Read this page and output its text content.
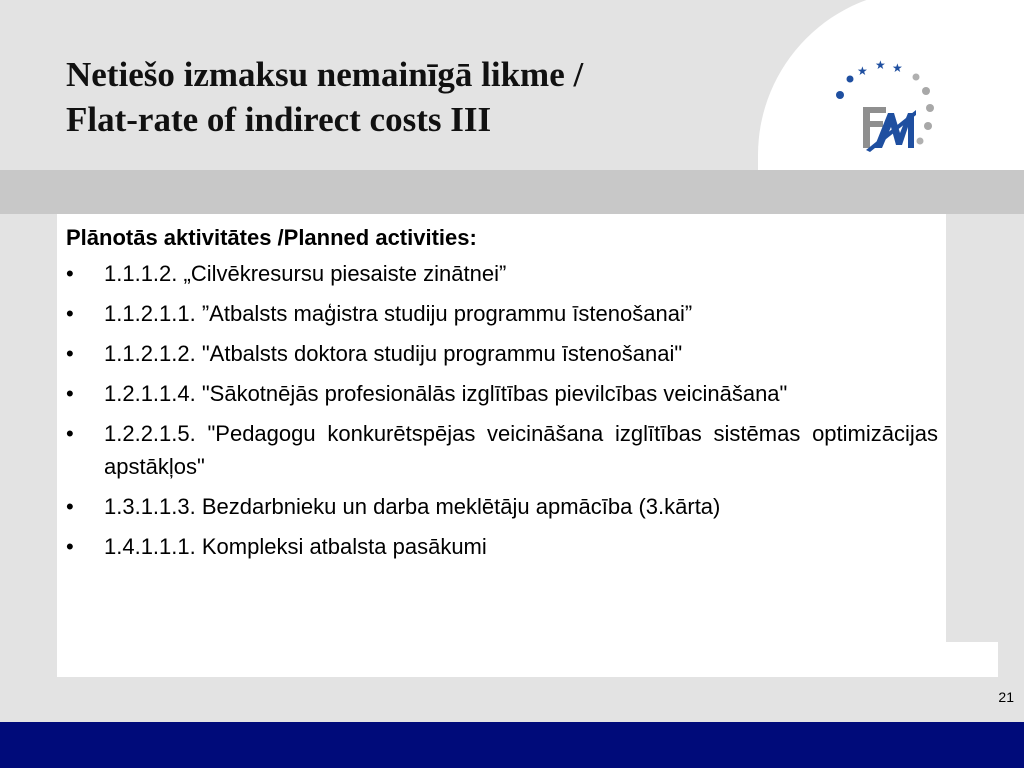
Netiešo izmaksu nemainīgā likme /
Flat-rate of indirect costs III
★ ★ ★
Plānotās aktivitātes /Planned activities:
• 1.1.1.2. „Cilvēkresursu piesaiste zinātnei”
• 1.1.2.1.1. ”Atbalsts maģistra studiju programmu īstenošanai”
• 1.1.2.1.2. "Atbalsts doktora studiju programmu īstenošanai"
• 1.2.1.1.4. "Sākotnējās profesionālās izglītības pievilcības veicināšana"
• 1.2.2.1.5. "Pedagogu konkurētspējas veicināšana izglītības sistēmas optimizācijas apstākļos"
• 1.3.1.1.3. Bezdarbnieku un darba meklētāju apmācība (3.kārta)
• 1.4.1.1.1. Kompleksi atbalsta pasākumi
21
